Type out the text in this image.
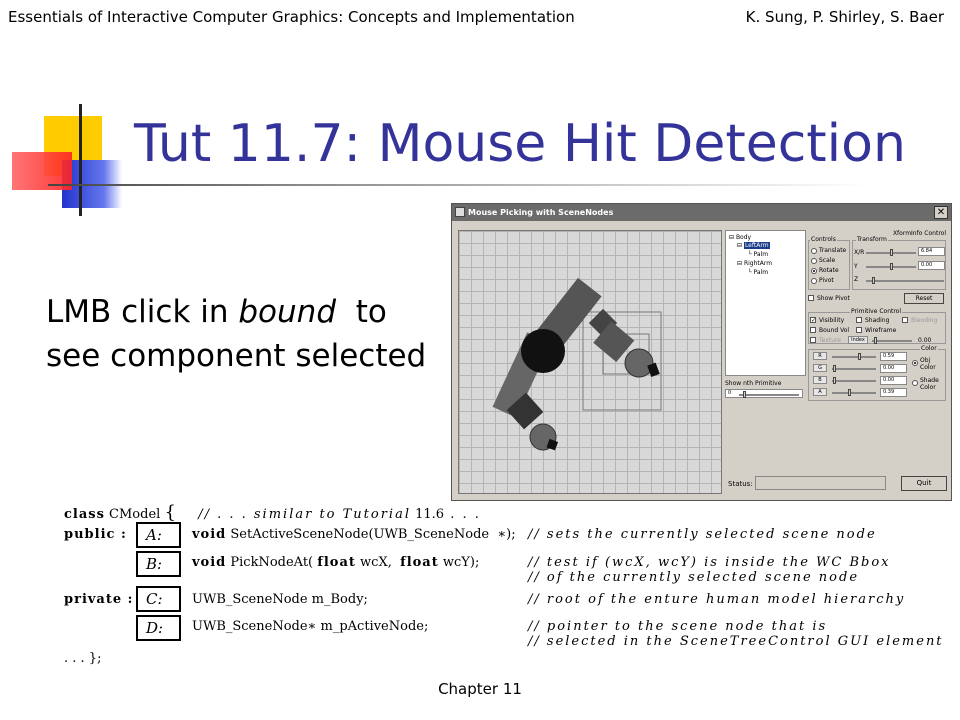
Essentials of Interactive Computer Graphics: Concepts and Implementation	K. Sung, P. Shirley, S. Baer
Tut 11.7: Mouse Hit Detection
LMB click in bound  to
see component selected
Mouse Picking with SceneNodes	✕
⊟ Body
⊟ LeftArm
└ Palm
⊟ RightArm
└ Palm
Show nth Primitive
0
XformInfo Control
Controls
Translate
Scale
Rotate
Pivot
Transform
X/R	6.84
Y	0.00
Z
Show Pivot	Reset
Primitive Control
✓ Visibility	Shading	Blending
Bound Vol	Wireframe
Texture	Index	0.00
Color
R	0.59
G	0.00
B	0.00
A	0.39
Obj Color
Shade Color
Status:	Quit
class CModel { // . . . similar to Tutorial 11.6 . . .
public :	A:	void SetActiveSceneNode(UWB_SceneNode  ∗); // sets the currently selected scene node
B:	void PickNodeAt( float wcX,  float wcY);	// test if (wcX, wcY) is inside the WC Bbox
// of the currently selected scene node
private : C:	UWB_SceneNode m_Body;	// root of the enture human model hierarchy
D:	UWB_SceneNode∗ m_pActiveNode;	// pointer to the scene node that is
// selected in the SceneTreeControl GUI element
. . . };
Chapter 11
